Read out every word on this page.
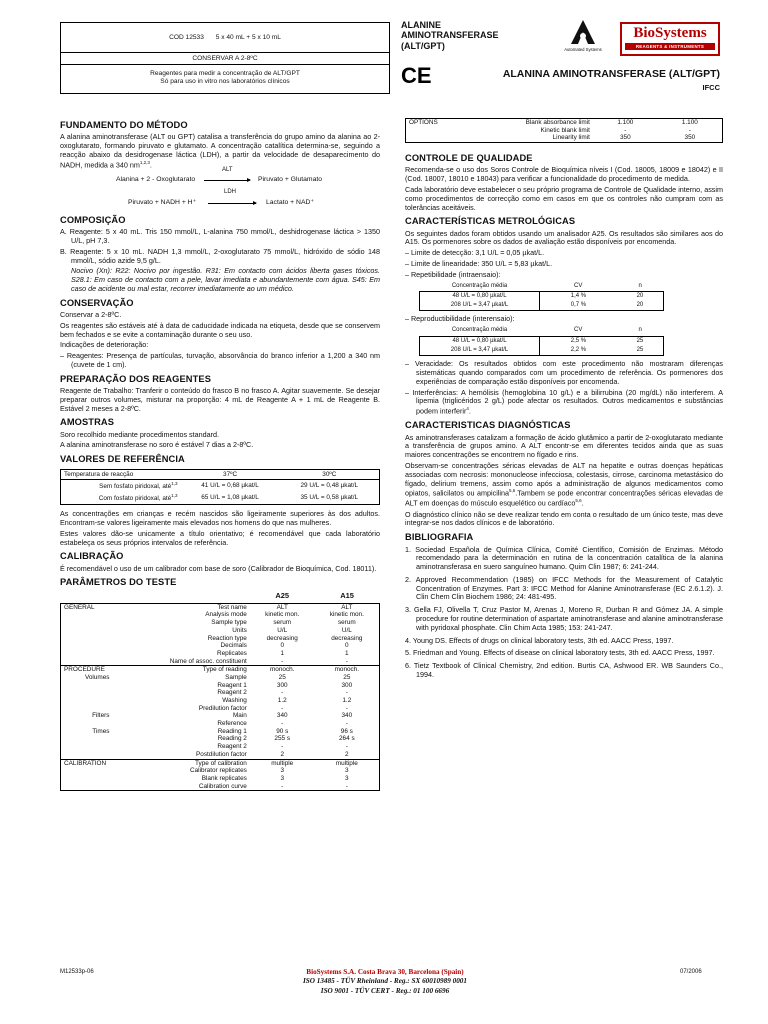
COD 12533 5 x 40 mL + 5 x 10 mL
CONSERVAR A 2-8ºC
Reagentes para medir a concentração de ALT/GPT
Só para uso in vitro nos laboratórios clínicos
ALANINE AMINOTRANSFERASE (ALT/GPT)
CE
Automated Systems
BioSystems
REAGENTS & INSTRUMENTS
ALANINA AMINOTRANSFERASE (ALT/GPT)
IFCC
FUNDAMENTO DO MÉTODO

A alanina aminotransferase (ALT ou GPT) catalisa a transferência do grupo amino da alanina ao 2-oxoglutarato, formando piruvato e glutamato. A concentração catalítica determina-se, seguindo a reacção abaixo da desidrogenase láctica (LDH), a partir da velocidade de desaparecimento do NADH, medida a 340 nm$^{1,2,3}$.

Alanina + 2 - Oxoglutarato
ALT
Piruvato + Glutamato
Piruvato + NADH + H⁺
LDH
Lactato + NAD⁺
COMPOSIÇÃO

A. Reagente: 5 x 40 mL. Tris 150 mmol/L, L-alanina 750 mmol/L, deshidrogenase láctica > 1350 U/L, pH 7,3.

B. Reagente: 5 x 10 mL. NADH 1,3 mmol/L, 2-oxoglutarato 75 mmol/L, hidróxido de sódio 148 mmol/L, sódio azide 9,5 g/L.

Nocivo (Xn): R22: Nocivo por ingestão. R31: Em contacto com ácidos liberta gases tóxicos. S28.1: Em caso de contacto com a pele, lavar imediata e abundantemente com água. S45: Em caso de acidente ou mal estar, recorrer imediatamente ao um médico.

CONSERVAÇÃO

Conservar a 2-8ºC.

Os reagentes são estáveis até à data de caducidade indicada na etiqueta, desde que se conservem bem fechados e se evite a contaminação durante o seu uso.

Indicações de deterioração:

– Reagentes: Presença de partículas, turvação, absorvância do branco inferior a 1,200 a 340 nm (cuvete de 1 cm).

PREPARAÇÃO DOS REAGENTES

Reagente de Trabalho: Tranferir o conteúdo do frasco B no frasco A. Agitar suavemente. Se desejar preparar outros volumes, misturar na proporção: 4 mL de Reagente A + 1 mL de Reagente B. Estável 2 meses a 2-8ºC.

AMOSTRAS

Soro recolhido mediante procedimentos standard.

A alanina aminotransferase no soro é estável 7 dias a 2-8ºC.

VALORES DE REFERÊNCIA
Temperatura de reacção	37ºC	30ºC
Sem fosfato piridoxal, até$^{1,3}$	41 U/L = 0,68 µkat/L	29 U/L = 0,48 µkat/L
Com fosfato piridoxal, até$^{1,3}$	65 U/L = 1,08 µkat/L	35 U/L = 0,58 µkat/L

As concentrações em crianças e recém nascidos são ligeiramente superiores às dos adultos. Encontram-se valores ligeiramente mais elevados nos homens do que nas mulheres.

Estes valores dão-se unicamente a título orientativo; é recomendável que cada laboratório estabeleça os seus próprios intervalos de referência.

CALIBRAÇÃO

É recomendável o uso de um calibrador com base de soro (Calibrador de Bioquímica, Cod. 18011).

PARÂMETROS DO TESTE
		A25	A15
GENERAL	Test name	ALT	ALT
	Analysis mode	kinetic mon.	kinetic mon.
	Sample type	serum	serum
	Units	U/L	U/L
	Reaction type	decreasing	decreasing
	Decimals	0	0
	Replicates	1	1
	Name of assoc. constituent	-	-
PROCEDURE	Type of reading	monoch.	monoch.

Volumes	Sample	25	25
	Reagent 1	300	300
	Reagent 2	-	-
	Washing	1.2	1.2
	Predilution factor	-	-

Filters	Main	340	340
	Reference	-	-

Times	Reading 1	90 s	96 s
	Reading 2	255 s	264 s
	Reagent 2	-	-
	Postdilution factor	2	2
CALIBRATION	Type of calibration	multiple	multiple
	Calibrator replicates	3	3
	Blank replicates	3	3
	Calibration curve	-	-
OPTIONS	Blank absorbance limit	1.100	1.100
	Kinetic blank limit	-	-
	Linearity limit	350	350
CONTROLE DE QUALIDADE

Recomenda-se o uso dos Soros Controle de Bioquímica níveis I (Cod. 18005, 18009 e 18042) e II (Cod. 18007, 18010 e 18043) para verificar a funcionalidade do procedimento de medida.

Cada laboratório deve estabelecer o seu próprio programa de Controle de Qualidade interno, assim como procedimentos de correcção como em casos em que os controles não cumpram com as tolerâncias aceitáveis.

CARACTERÍSTICAS METROLÓGICAS

Os seguintes dados foram obtidos usando um analisador A25. Os resultados são similares aos do A15. Os pormenores sobre os dados de avaliação estão disponíveis por encomenda.

– Limite de detecção: 3,1 U/L = 0,05 µkat/L.

– Limite de linearidade: 350 U/L = 5,83 µkat/L.

– Repetibilidade (intraensaio):

Concentração média	CV	n
48 U/L = 0,80 µkat/L	1,4 %	20
208 U/L = 3,47 µkat/L	0,7 %	20

– Reproductibilidade (interensaio):

Concentração média	CV	n
48 U/L = 0,80 µkat/L	2,5 %	25
208 U/L = 3,47 µkat/L	2,2 %	25

– Veracidade: Os resultados obtidos com este procedimento não mostraram diferenças sistemáticas quando comparados com um procedimento de referência. Os pormenores dos experiências de comparação estão disponíveis por encomenda.

– Interferências: A hemólisis (hemoglobina 10 g/L) e a bilirrubina (20 mg/dL) não interferem. A lipemia (triglicéridos 2 g/L) pode afectar os resultados. Outros medicamentos e substâncias podem interferir$^4$.

CARACTERISTICAS DIAGNÓSTICAS

As aminotransferases catalizam a formação de ácido glutâmico a partir de 2-oxoglutarato mediante a transferência de grupos amino. A ALT encontr-se em diferentes tecidos ainda que as suas maiores concentrações se encontrem no fígado e rins.

Observam-se concentrações séricas elevadas de ALT na hepatite e outras doenças hepáticas associadas com necrosis: mononucleose infecciosa, colestasis, cirrose, carcinoma metastásico do fígado, delirium tremens, assim como após a administração de algunos medicamentos como opiatos, salicilatos ou ampicilina$^{5,6}$.Tambem se pode encontrar concentrações séricas elevadas de ALT em doenças do músculo esquelético ou cardíaco$^{5,6}$.

O diagnóstico clínico não se deve realizar tendo em conta o resultado de um único teste, mas deve integrar-se nos dados clínicos e de laboratório.

BIBLIOGRAFIA
1. Sociedad Española de Química Clínica, Comité Científico, Comisión de Enzimas. Método recomendado para la determinación en rutina de la concentración catalítica de la alanina aminotransferasa en suero sanguíneo humano. Quim Clin 1987; 6: 241-244.
2. Approved Recommendation (1985) on IFCC Methods for the Measurement of Catalytic Concentration of Enzymes. Part 3: IFCC Method for Alanine Aminotransferase (EC 2.6.1.2). J. Clin Chem Clin Biochem 1986; 24: 481-495.
3. Gella FJ, Olivella T, Cruz Pastor M, Arenas J, Moreno R, Durban R and Gómez JA. A simple procedure for routine determination of aspartate aminotransferase and alanine aminotransferase with pyridoxal phosphate. Clin Chim Acta 1985; 153: 241-247.
4. Young DS. Effects of drugs on clinical laboratory tests, 3th ed. AACC Press, 1997.
5. Friedman and Young. Effects of disease on clinical laboratory tests, 3th ed. AACC Press, 1997.
6. Tietz Textbook of Clinical Chemistry, 2nd edition. Burtis CA, Ashwood ER. WB Saunders Co., 1994.
M12533p-06	BioSystems S.A. Costa Brava 30, Barcelona (Spain)
ISO 13485 - TÜV Rheinland - Reg.: SX 60010989 0001
ISO 9001 - TÜV CERT - Reg.: 01 100 6696
07/2006
